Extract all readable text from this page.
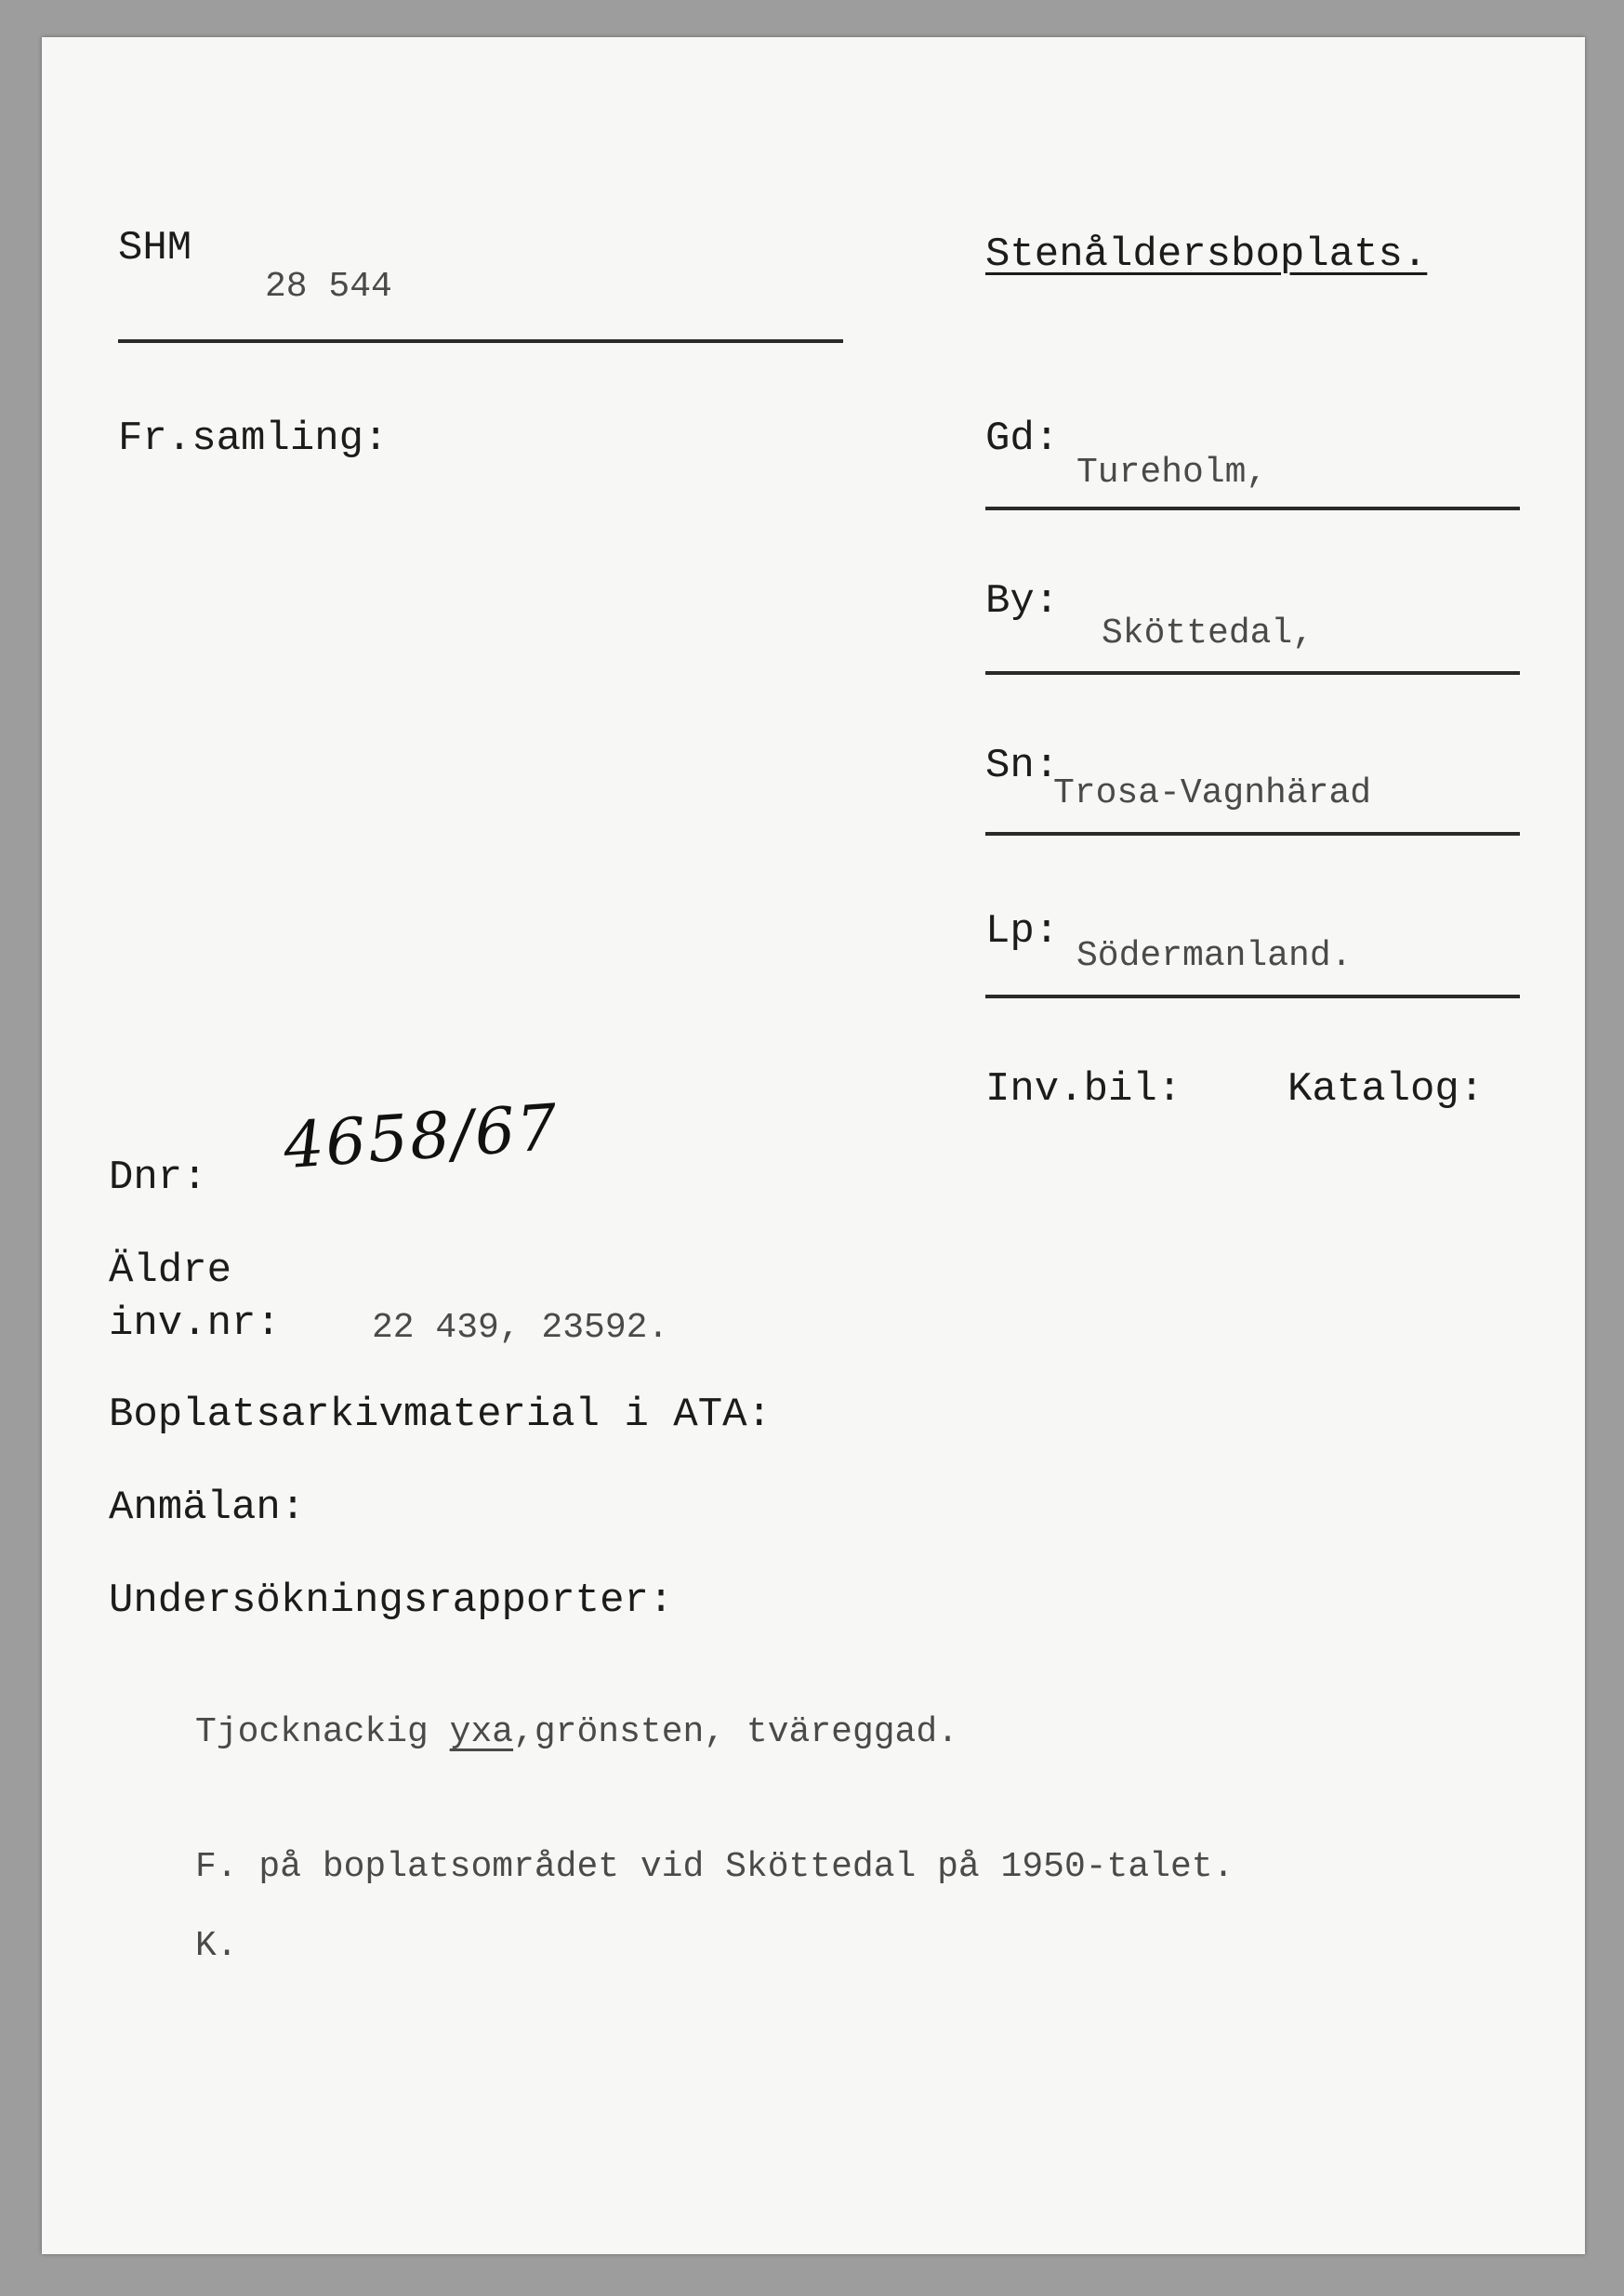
SHM
28 544
Stenåldersboplats.
Fr.samling:	Gd:
Tureholm,
By:
Sköttedal,
Sn:
Trosa-Vagnhärad
Lp:
Södermanland.
Inv.bil:	Katalog:
Dnr: 4658/67
Äldre
inv.nr:	22 439, 23592.
Boplatsarkivmaterial i ATA:
Anmälan:
Undersökningsrapporter:
Tjocknackig yxa,grönsten, tväreggad.
F. på boplatsområdet vid Sköttedal på 1950-talet.
K.
